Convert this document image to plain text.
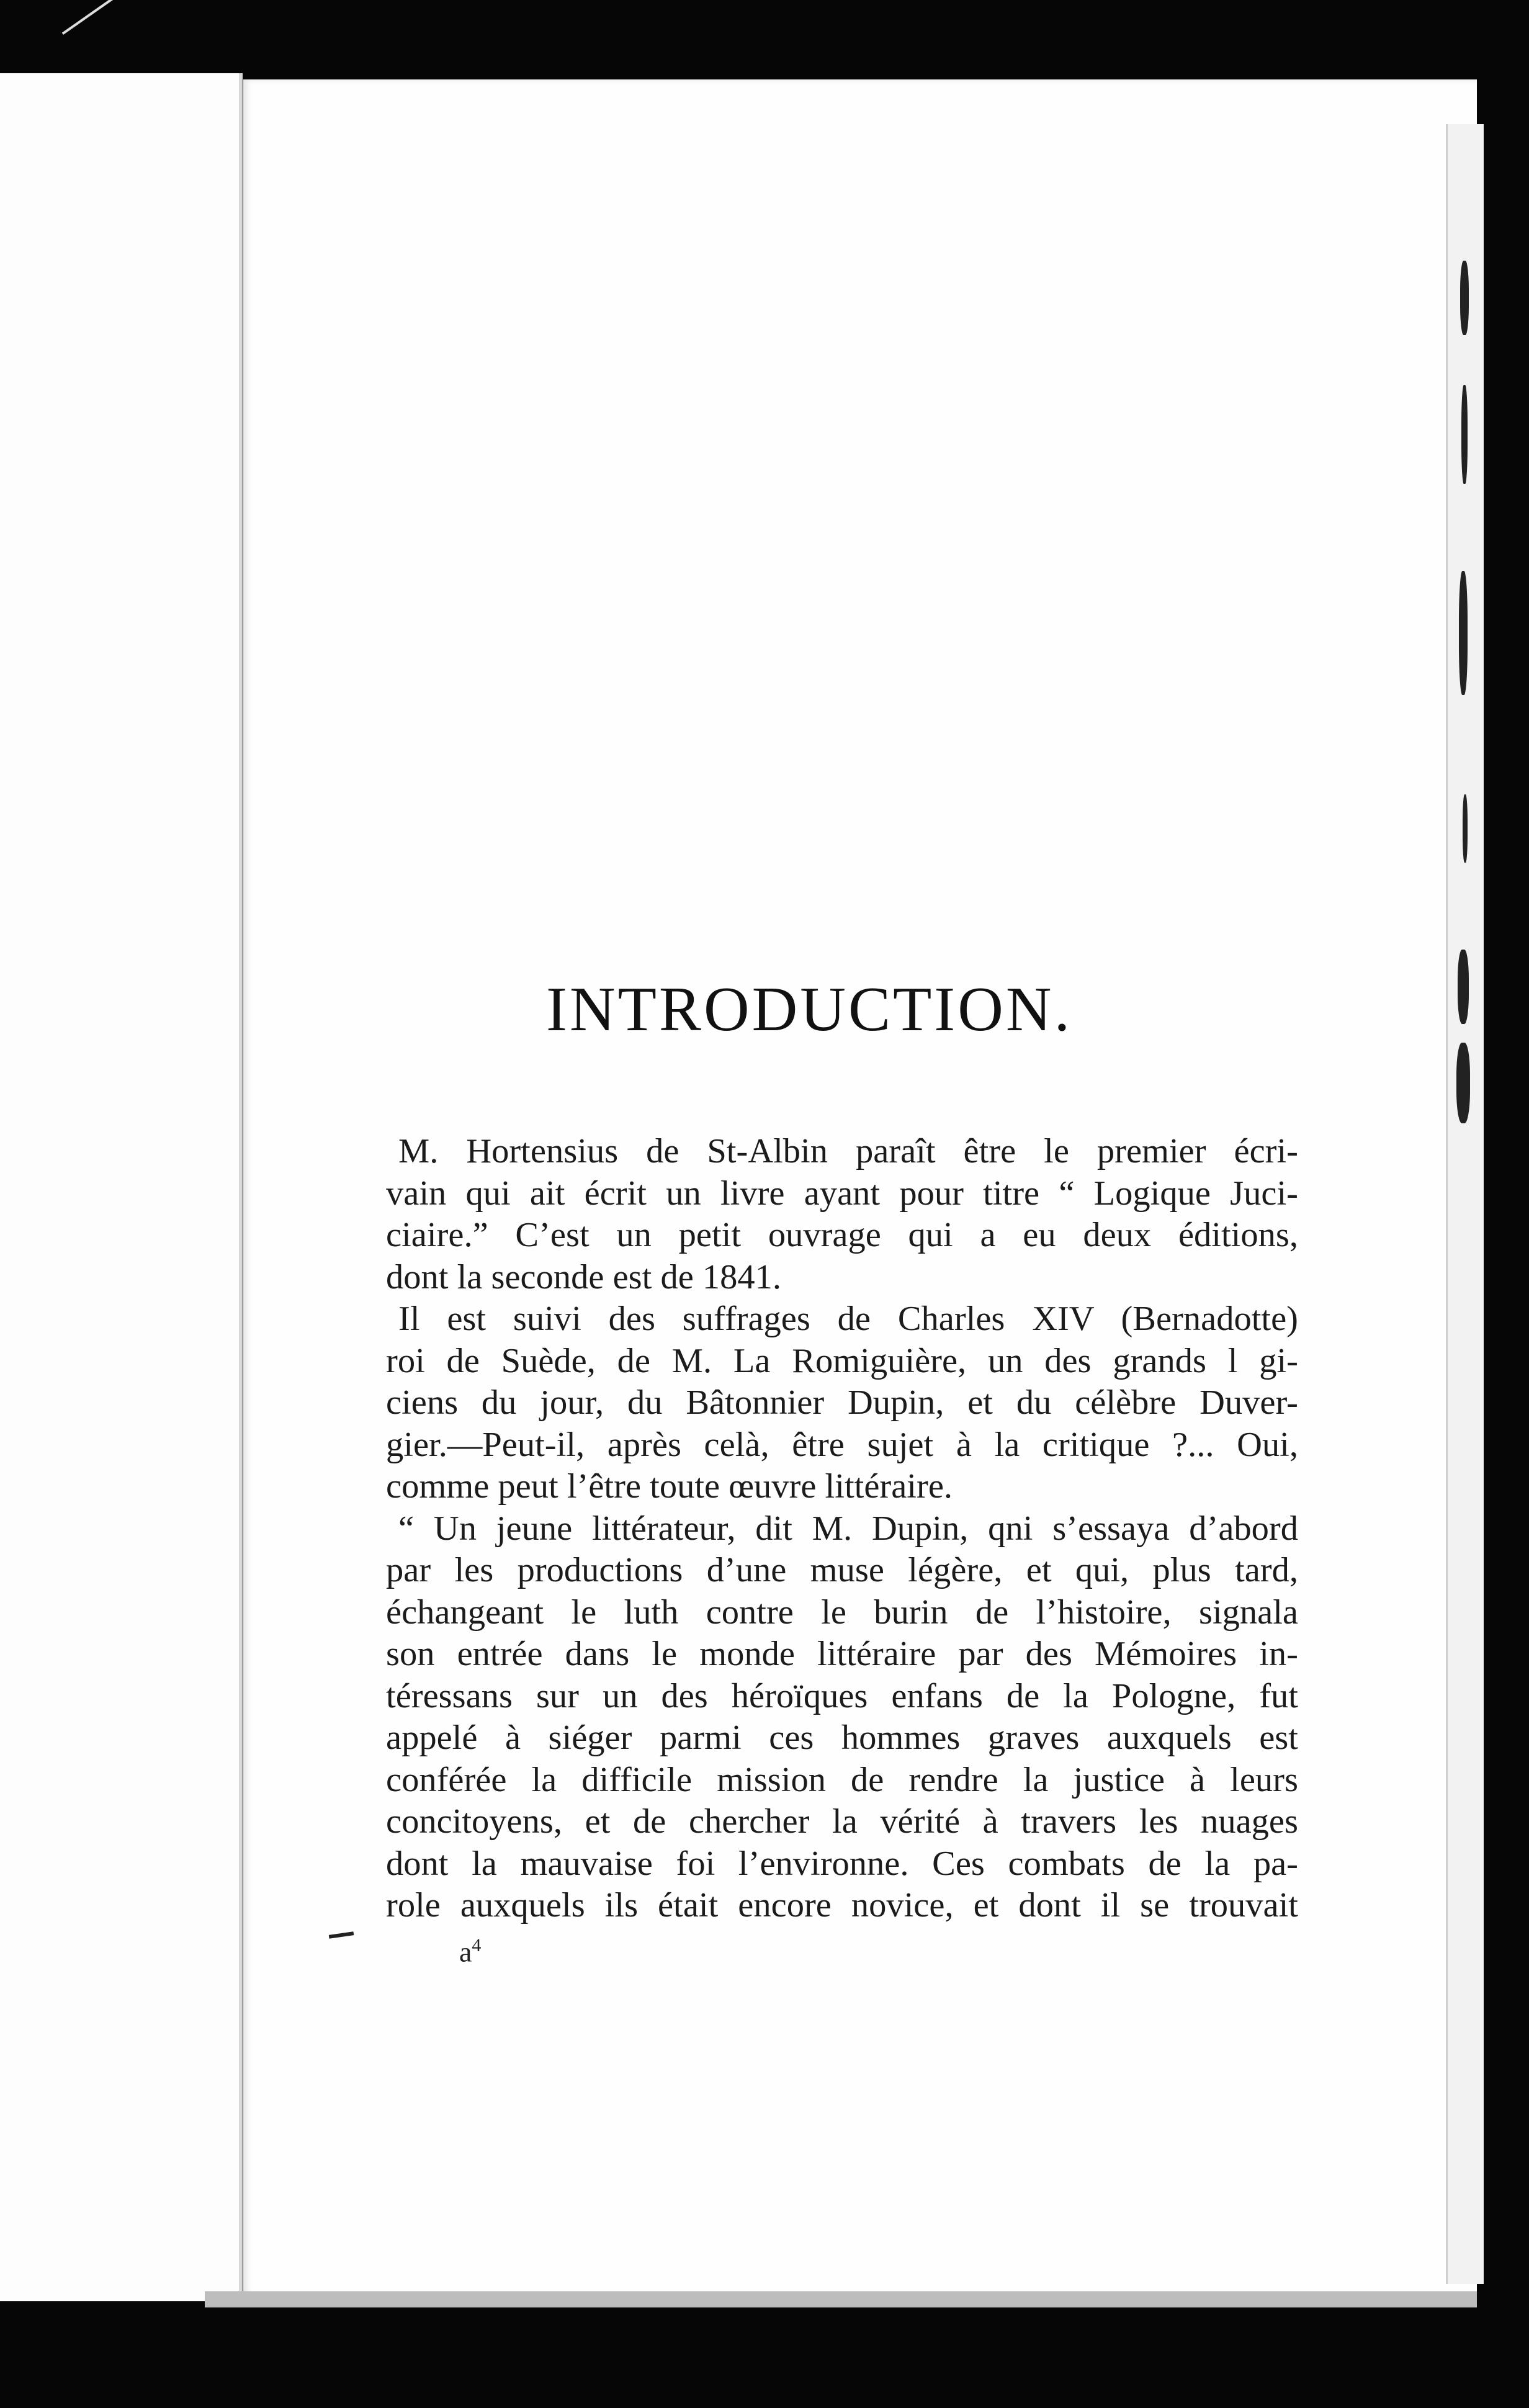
INTRODUCTION.
M. Hortensius de St-Albin paraît être le premier écri-
vain qui ait écrit un livre ayant pour titre “ Logique Juci-
ciaire.” C’est un petit ouvrage qui a eu deux éditions,
dont la seconde est de 1841.
Il est suivi des suffrages de Charles XIV (Bernadotte)
roi de Suède, de M. La Romiguière, un des grands l gi-
ciens du jour, du Bâtonnier Dupin, et du célèbre Duver-
gier.—Peut-il, après celà, être sujet à la critique ?... Oui,
comme peut l’être toute œuvre littéraire.
“ Un jeune littérateur, dit M. Dupin, qni s’essaya d’abord
par les productions d’une muse légère, et qui, plus tard,
échangeant le luth contre le burin de l’histoire, signala
son entrée dans le monde littéraire par des Mémoires in-
téressans sur un des héroïques enfans de la Pologne, fut
appelé à siéger parmi ces hommes graves auxquels est
conférée la difficile mission de rendre la justice à leurs
concitoyens, et de chercher la vérité à travers les nuages
dont la mauvaise foi l’environne. Ces combats de la pa-
role auxquels ils était encore novice, et dont il se trouvait
$a^4$
